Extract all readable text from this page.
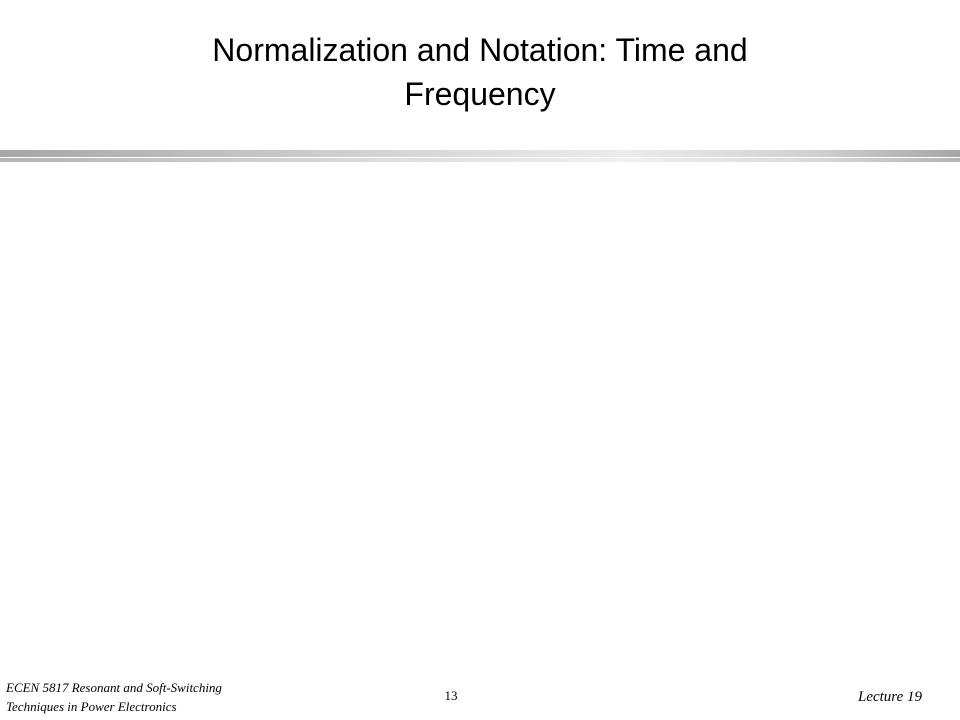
Normalization and Notation: Time and
Frequency
ECEN 5817 Resonant and Soft-Switching
Techniques in Power Electronics
13	Lecture 19
